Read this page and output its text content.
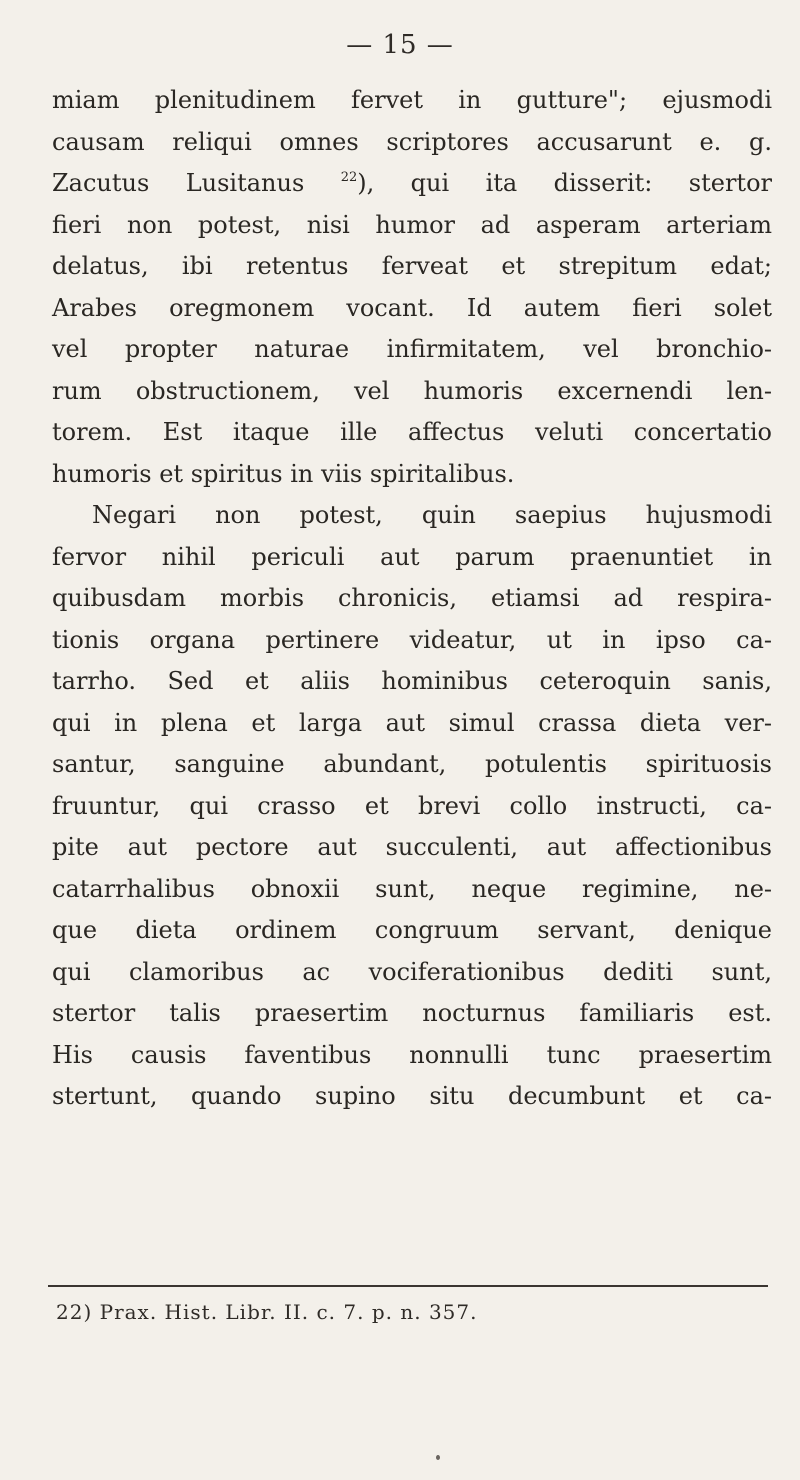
— 15 —
miam plenitudinem fervet in gutture"; ejusmodi
causam reliqui omnes scriptores accusarunt e. g.
Zacutus Lusitanus $^{22}$), qui ita disserit: stertor
fieri non potest, nisi humor ad asperam arteriam
delatus, ibi retentus ferveat et strepitum edat;
Arabes oregmonem vocant. Id autem fieri solet
vel propter naturae infirmitatem, vel bronchio-
rum obstructionem, vel humoris excernendi len-
torem. Est itaque ille affectus veluti concertatio
humoris et spiritus in viis spiritalibus.
Negari non potest, quin saepius hujusmodi
fervor nihil periculi aut parum praenuntiet in
quibusdam morbis chronicis, etiamsi ad respira-
tionis organa pertinere videatur, ut in ipso ca-
tarrho. Sed et aliis hominibus ceteroquin sanis,
qui in plena et larga aut simul crassa dieta ver-
santur, sanguine abundant, potulentis spirituosis
fruuntur, qui crasso et brevi collo instructi, ca-
pite aut pectore aut succulenti, aut affectionibus
catarrhalibus obnoxii sunt, neque regimine, ne-
que dieta ordinem congruum servant, denique
qui clamoribus ac vociferationibus dediti sunt,
stertor talis praesertim nocturnus familiaris est.
His causis faventibus nonnulli tunc praesertim
stertunt, quando supino situ decumbunt et ca-
22) Prax. Hist. Libr. II. c. 7. p. n. 357.
